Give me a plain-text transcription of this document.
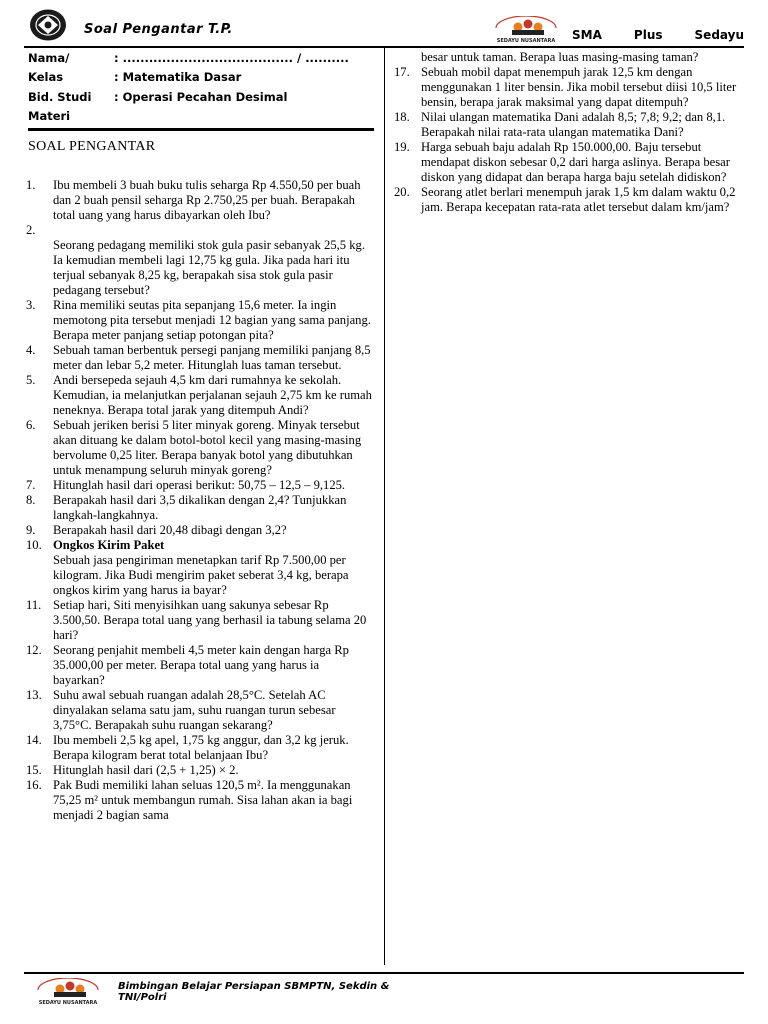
Soal Pengantar T.P.
SEDAYU NUSANTARA SMA	Plus	Sedayu
Nama/	: ....................................... / ..........
Kelas	: Matematika Dasar
Bid. Studi	: Operasi Pecahan Desimal
Materi
SOAL PENGANTAR
1.	Ibu membeli 3 buah buku tulis seharga Rp 4.550,50 per buah dan 2 buah pensil seharga Rp 2.750,25 per buah. Berapakah total uang yang harus dibayarkan oleh Ibu?
2.
Seorang pedagang memiliki stok gula pasir sebanyak 25,5 kg. Ia kemudian membeli lagi 12,75 kg gula. Jika pada hari itu terjual sebanyak 8,25 kg, berapakah sisa stok gula pasir pedagang tersebut?
3.	Rina memiliki seutas pita sepanjang 15,6 meter. Ia ingin memotong pita tersebut menjadi 12 bagian yang sama panjang. Berapa meter panjang setiap potongan pita?
4.	Sebuah taman berbentuk persegi panjang memiliki panjang 8,5 meter dan lebar 5,2 meter. Hitunglah luas taman tersebut.
5.	Andi bersepeda sejauh 4,5 km dari rumahnya ke sekolah. Kemudian, ia melanjutkan perjalanan sejauh 2,75 km ke rumah neneknya. Berapa total jarak yang ditempuh Andi?
6.	Sebuah jeriken berisi 5 liter minyak goreng. Minyak tersebut akan dituang ke dalam botol-botol kecil yang masing-masing bervolume 0,25 liter. Berapa banyak botol yang dibutuhkan untuk menampung seluruh minyak goreng?
7.	Hitunglah hasil dari operasi berikut: 50,75 – 12,5 – 9,125.
8.	Berapakah hasil dari 3,5 dikalikan dengan 2,4? Tunjukkan langkah-langkahnya.
9.	Berapakah hasil dari 20,48 dibagi dengan 3,2?
10. Ongkos Kirim Paket
Sebuah jasa pengiriman menetapkan tarif Rp 7.500,00 per kilogram. Jika Budi mengirim paket seberat 3,4 kg, berapa ongkos kirim yang harus ia bayar?
11. Setiap hari, Siti menyisihkan uang sakunya sebesar Rp 3.500,50. Berapa total uang yang berhasil ia tabung selama 20 hari?
12. Seorang penjahit membeli 4,5 meter kain dengan harga Rp 35.000,00 per meter. Berapa total uang yang harus ia bayarkan?
13. Suhu awal sebuah ruangan adalah 28,5°C. Setelah AC dinyalakan selama satu jam, suhu ruangan turun sebesar 3,75°C. Berapakah suhu ruangan sekarang?
14. Ibu membeli 2,5 kg apel, 1,75 kg anggur, dan 3,2 kg jeruk. Berapa kilogram berat total belanjaan Ibu?
15. Hitunglah hasil dari (2,5 + 1,25) × 2.
16. Pak Budi memiliki lahan seluas 120,5 m². Ia menggunakan 75,25 m² untuk membangun rumah. Sisa lahan akan ia bagi menjadi 2 bagian sama
besar untuk taman. Berapa luas masing-masing taman?
17. Sebuah mobil dapat menempuh jarak 12,5 km dengan menggunakan 1 liter bensin. Jika mobil tersebut diisi 10,5 liter bensin, berapa jarak maksimal yang dapat ditempuh?
18. Nilai ulangan matematika Dani adalah 8,5; 7,8; 9,2; dan 8,1. Berapakah nilai rata-rata ulangan matematika Dani?
19. Harga sebuah baju adalah Rp 150.000,00. Baju tersebut mendapat diskon sebesar 0,2 dari harga aslinya. Berapa besar diskon yang didapat dan berapa harga baju setelah didiskon?
20. Seorang atlet berlari menempuh jarak 1,5 km dalam waktu 0,2 jam. Berapa kecepatan rata-rata atlet tersebut dalam km/jam?
SEDAYU NUSANTARA
Bimbingan Belajar Persiapan SBMPTN, Sekdin & TNI/Polri
